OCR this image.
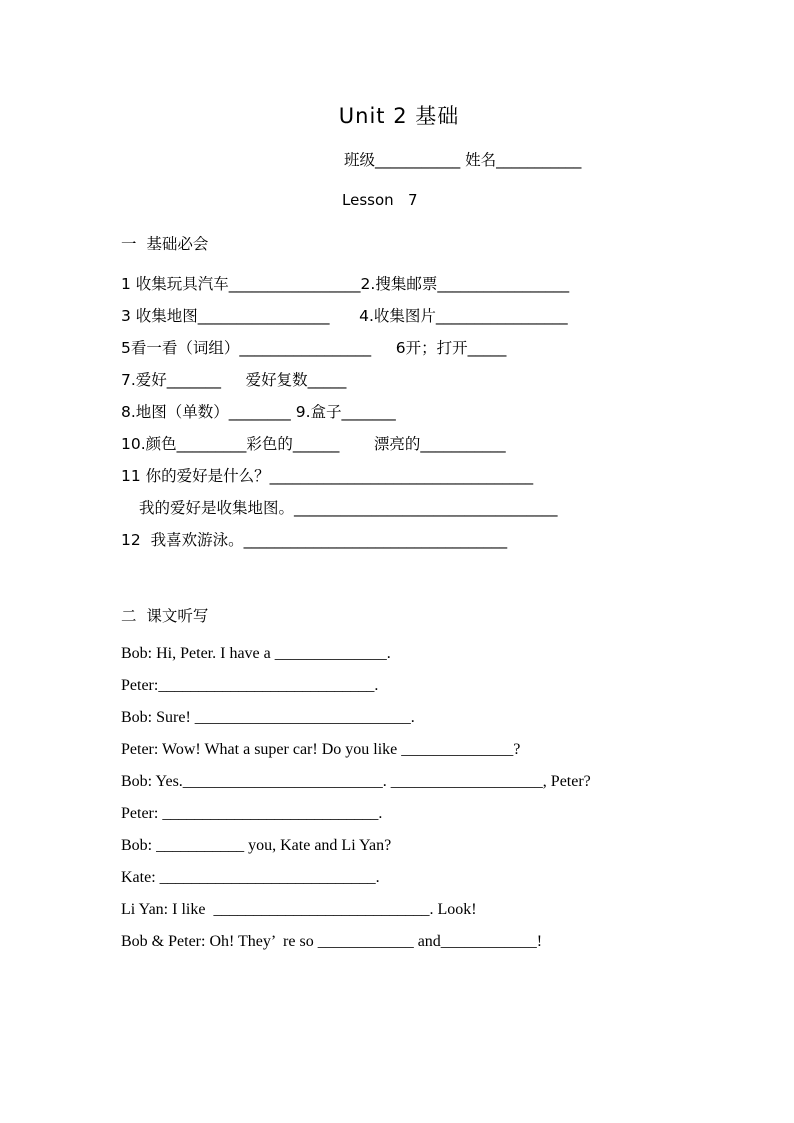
Unit 2 基础
班级___________ 姓名___________
Lesson   7
一  基础必会
1 收集玩具汽车_________________2.搜集邮票_________________
3 收集地图_________________      4.收集图片_________________
5看一看（词组）_________________     6开；打开_____
7.爱好_______     爱好复数_____
8.地图（单数）________ 9.盒子_______
10.颜色_________彩色的______       漂亮的___________
11 你的爱好是什么？__________________________________
我的爱好是收集地图。__________________________________
12  我喜欢游泳。__________________________________
二  课文听写
Bob: Hi, Peter. I have a ______________.
Peter:___________________________.
Bob: Sure! ___________________________.
Peter: Wow! What a super car! Do you like ______________?
Bob: Yes._________________________. ___________________, Peter?
Peter: ___________________________.
Bob: ___________ you, Kate and Li Yan?
Kate: ___________________________.
Li Yan: I like  ___________________________. Look!
Bob & Peter: Oh! They’  re so ____________ and____________!
